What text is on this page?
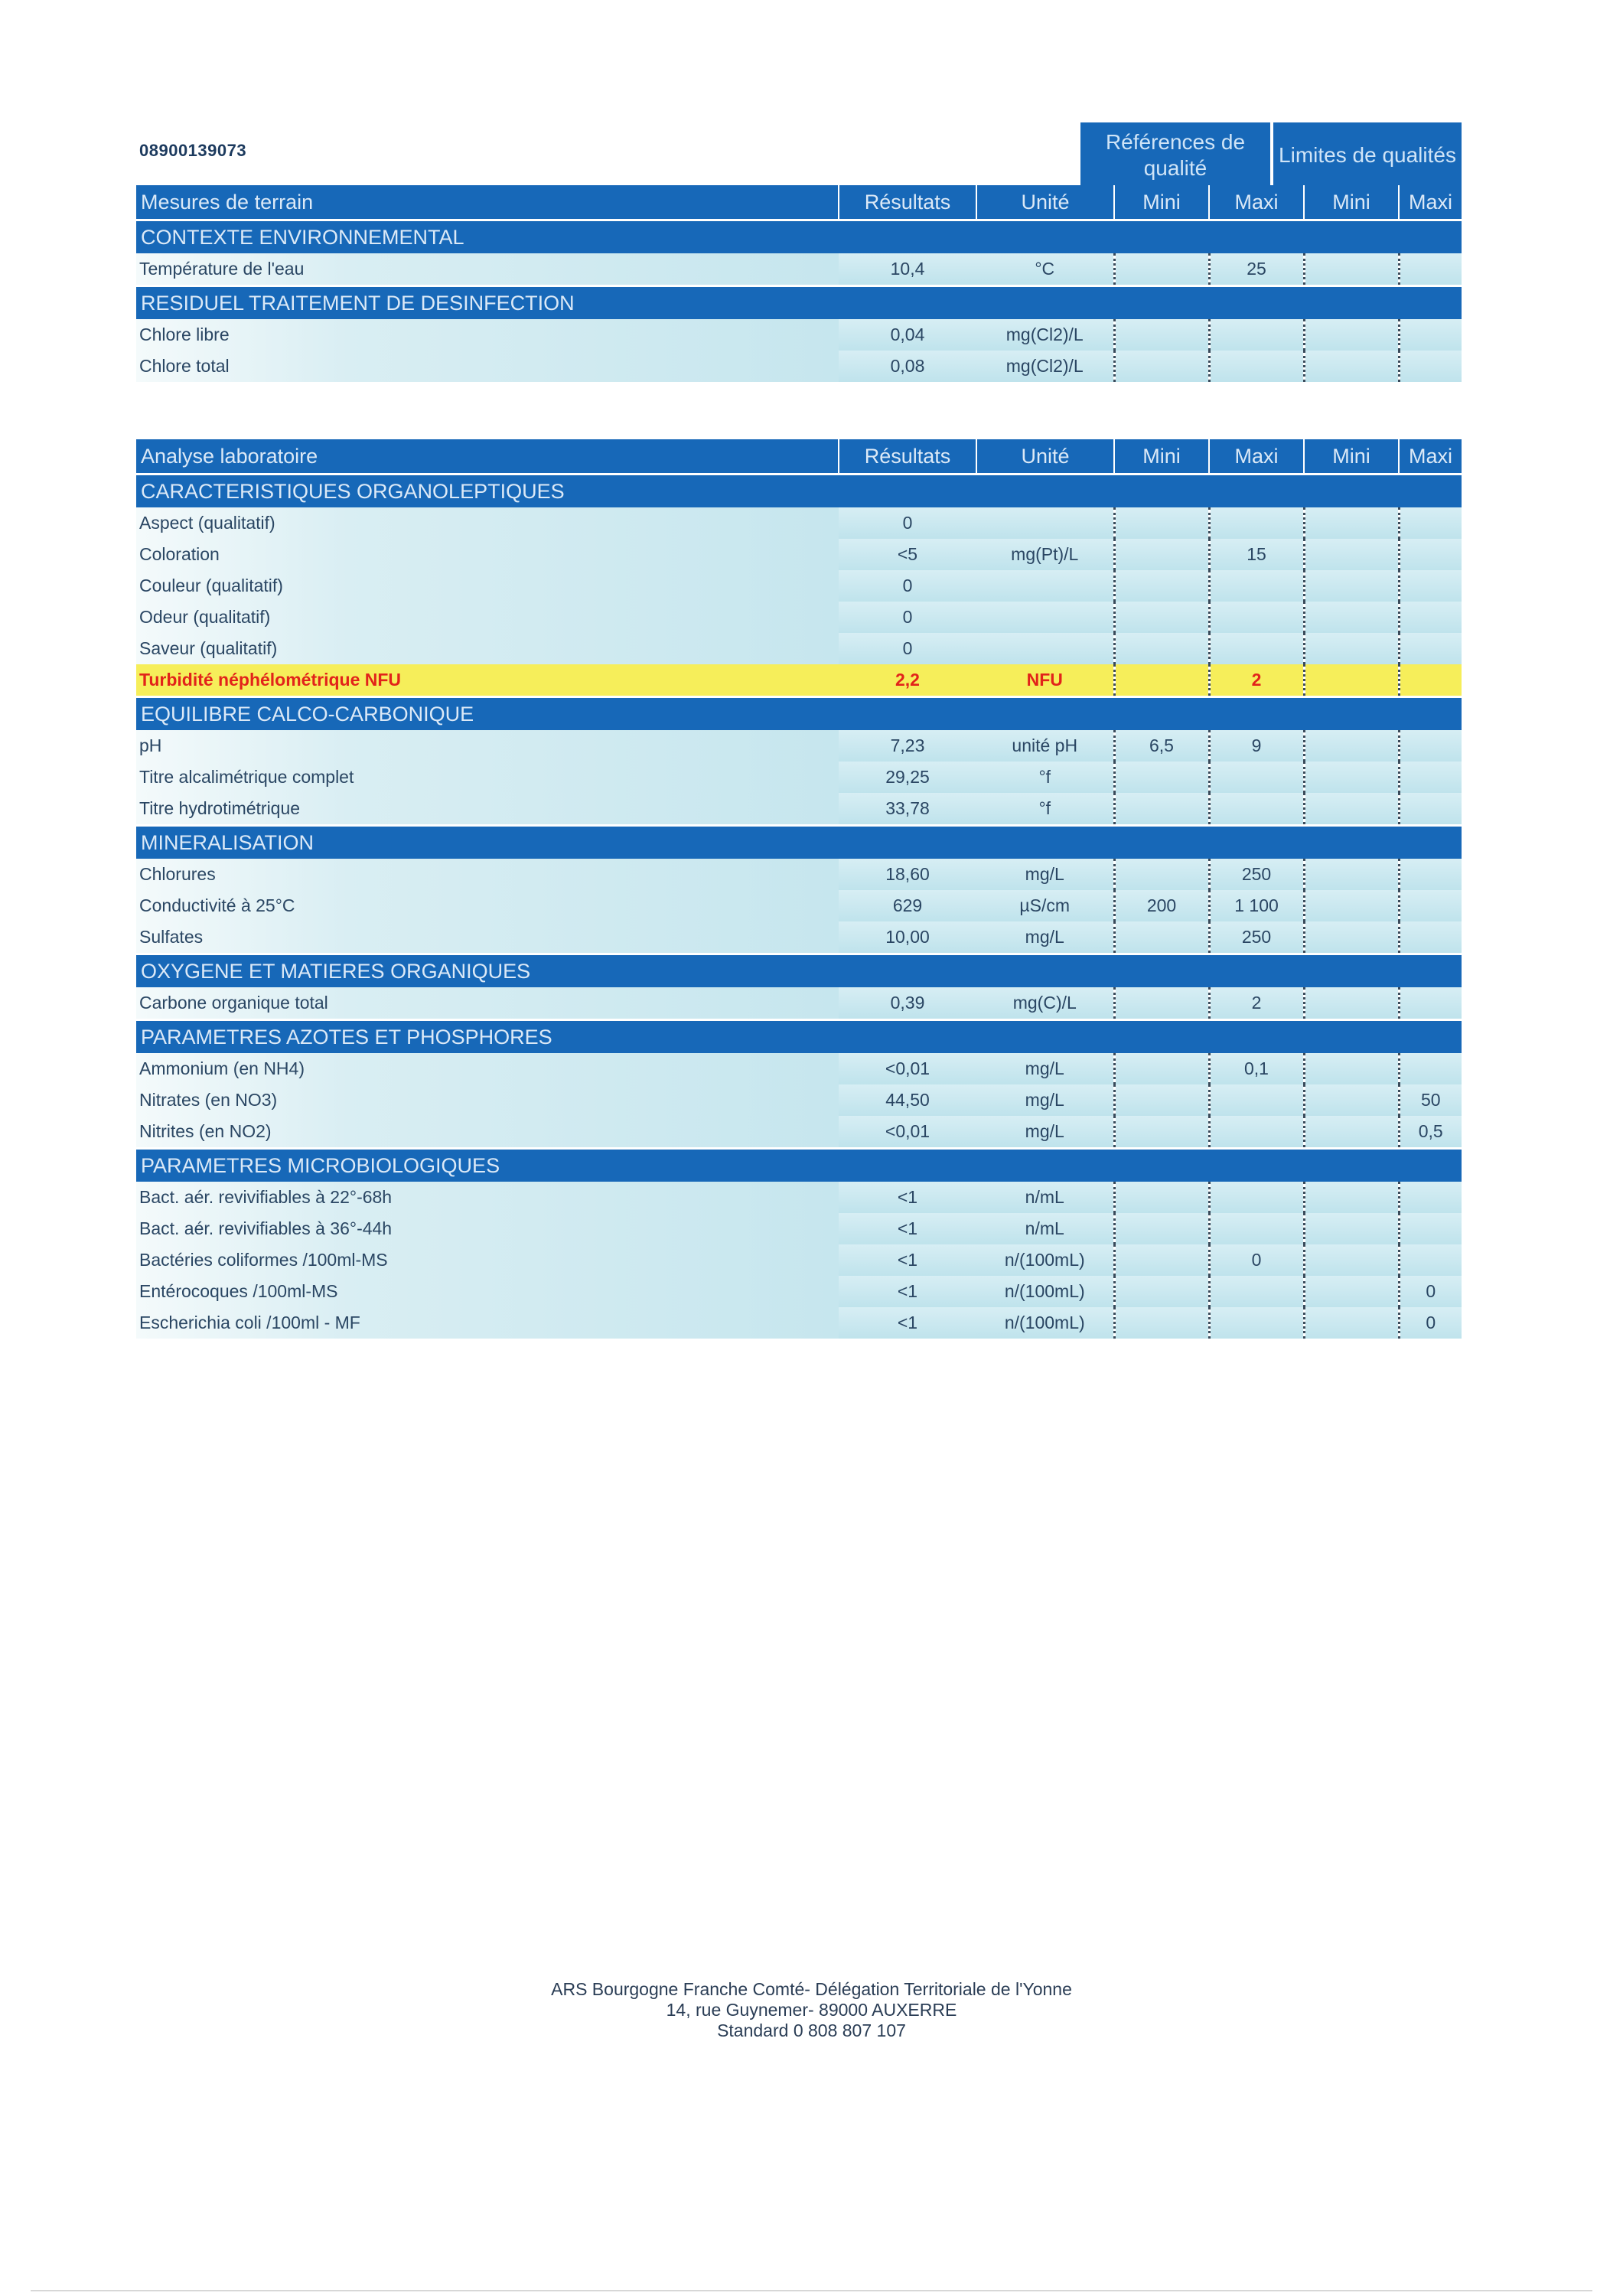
08900139073	Références de qualité
Limites de qualités
Mesures de terrain	Résultats	Unité	Mini	Maxi	Mini	Maxi
CONTEXTE ENVIRONNEMENTAL						
Température de l'eau	10,4	°C		25		
RESIDUEL TRAITEMENT DE DESINFECTION						
Chlore libre	0,04	mg(Cl2)/L				
Chlore total	0,08	mg(Cl2)/L				
Analyse laboratoire	Résultats	Unité	Mini	Maxi	Mini	Maxi
CARACTERISTIQUES ORGANOLEPTIQUES						
Aspect (qualitatif)	0					
Coloration	<5	mg(Pt)/L		15		
Couleur (qualitatif)	0					
Odeur (qualitatif)	0					
Saveur (qualitatif)	0					
Turbidité néphélométrique NFU	2,2	NFU		2		
EQUILIBRE CALCO-CARBONIQUE						
pH	7,23	unité pH	6,5	9		
Titre alcalimétrique complet	29,25	°f				
Titre hydrotimétrique	33,78	°f				
MINERALISATION						
Chlorures	18,60	mg/L		250		
Conductivité à 25°C	629	µS/cm	200	1 100		
Sulfates	10,00	mg/L		250		
OXYGENE ET MATIERES ORGANIQUES						
Carbone organique total	0,39	mg(C)/L		2		
PARAMETRES AZOTES ET PHOSPHORES						
Ammonium (en NH4)	<0,01	mg/L		0,1		
Nitrates (en NO3)	44,50	mg/L				50
Nitrites (en NO2)	<0,01	mg/L				0,5
PARAMETRES MICROBIOLOGIQUES						
Bact. aér. revivifiables à 22°-68h	<1	n/mL				
Bact. aér. revivifiables à 36°-44h	<1	n/mL				
Bactéries coliformes /100ml-MS	<1	n/(100mL)		0		
Entérocoques /100ml-MS	<1	n/(100mL)				0
Escherichia coli /100ml - MF	<1	n/(100mL)				0
ARS Bourgogne Franche Comté- Délégation Territoriale de l'Yonne
14, rue Guynemer- 89000 AUXERRE
Standard 0 808 807 107
